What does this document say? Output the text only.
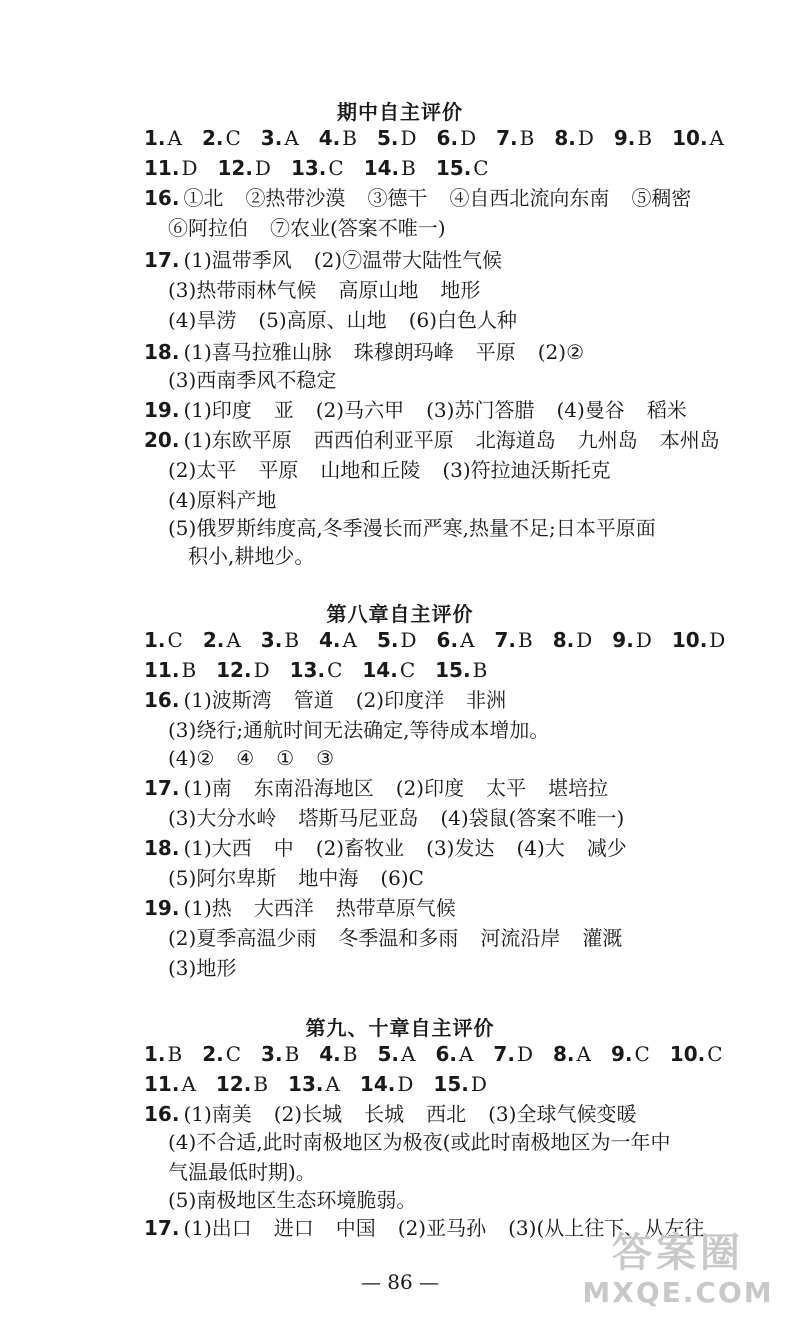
期中自主评价
1. A 2. C 3. A 4. B 5. D 6. D 7. B 8. D 9. B 10. A
11. D 12. D 13. C 14. B 15. C
16. ①北 ②热带沙漠 ③德干 ④自西北流向东南 ⑤稠密
⑥阿拉伯 ⑦农业(答案不唯一)
17. (1)温带季风 (2)⑦温带大陆性气候
(3)热带雨林气候 高原山地 地形
(4)旱涝 (5)高原、山地 (6)白色人种
18. (1)喜马拉雅山脉 珠穆朗玛峰 平原 (2)②
(3)西南季风不稳定
19. (1)印度 亚 (2)马六甲 (3)苏门答腊 (4)曼谷 稻米
20. (1)东欧平原 西西伯利亚平原 北海道岛 九州岛 本州岛
(2)太平 平原 山地和丘陵 (3)符拉迪沃斯托克
(4)原料产地
(5)俄罗斯纬度高,冬季漫长而严寒,热量不足;日本平原面
积小,耕地少。
第八章自主评价
1. C 2. A 3. B 4. A 5. D 6. A 7. B 8. D 9. D 10. D
11. B 12. D 13. C 14. C 15. B
16. (1)波斯湾 管道 (2)印度洋 非洲
(3)绕行;通航时间无法确定,等待成本增加。
(4)② ④ ① ③
17. (1)南 东南沿海地区 (2)印度 太平 堪培拉
(3)大分水岭 塔斯马尼亚岛 (4)袋鼠(答案不唯一)
18. (1)大西 中 (2)畜牧业 (3)发达 (4)大 减少
(5)阿尔卑斯 地中海 (6)C
19. (1)热 大西洋 热带草原气候
(2)夏季高温少雨 冬季温和多雨 河流沿岸 灌溉
(3)地形
第九、十章自主评价
1. B 2. C 3. B 4. B 5. A 6. A 7. D 8. A 9. C 10. C
11. A 12. B 13. A 14. D 15. D
16. (1)南美 (2)长城 长城 西北 (3)全球气候变暖
(4)不合适,此时南极地区为极夜(或此时南极地区为一年中
气温最低时期)。
(5)南极地区生态环境脆弱。
17. (1)出口 进口 中国 (2)亚马孙 (3)(从上往下、从左往
— 86 —
答案圈
MXQE.COM
